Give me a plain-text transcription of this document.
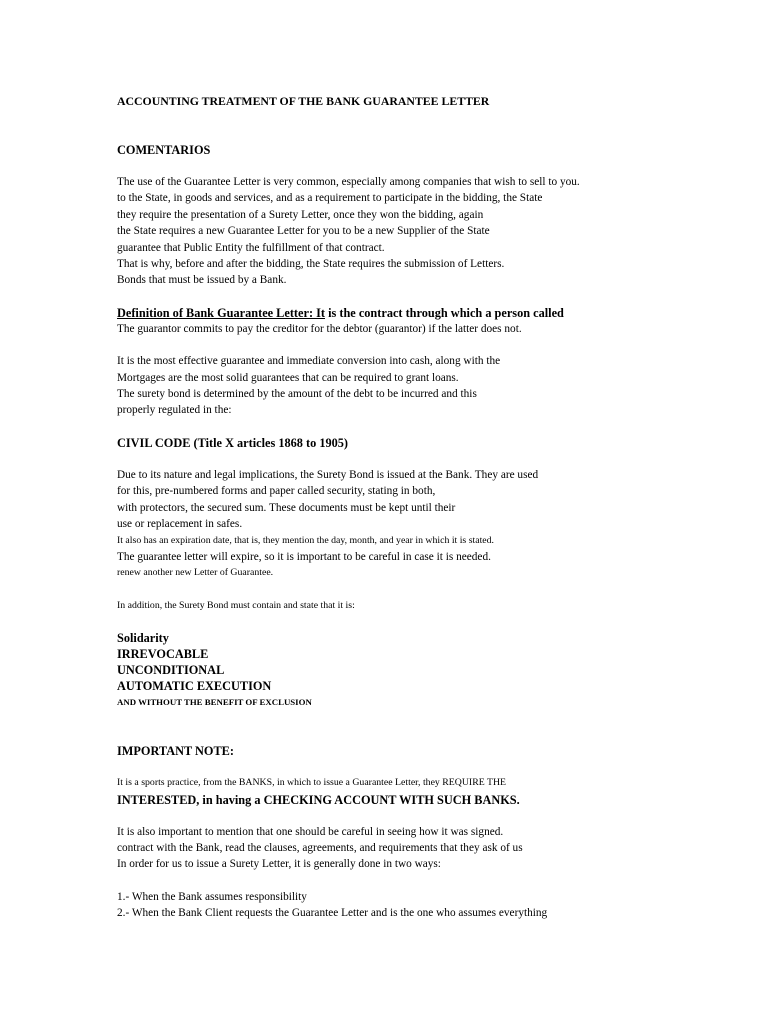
ACCOUNTING TREATMENT OF THE BANK GUARANTEE LETTER
COMENTARIOS
The use of the Guarantee Letter is very common, especially among companies that wish to sell to you.
to the State, in goods and services, and as a requirement to participate in the bidding, the State
they require the presentation of a Surety Letter, once they won the bidding, again
the State requires a new Guarantee Letter for you to be a new Supplier of the State
guarantee that Public Entity the fulfillment of that contract.
That is why, before and after the bidding, the State requires the submission of Letters.
Bonds that must be issued by a Bank.
Definition of Bank Guarantee Letter: It is the contract through which a person called
The guarantor commits to pay the creditor for the debtor (guarantor) if the latter does not.
It is the most effective guarantee and immediate conversion into cash, along with the
Mortgages are the most solid guarantees that can be required to grant loans.
The surety bond is determined by the amount of the debt to be incurred and this
properly regulated in the:
CIVIL CODE (Title X articles 1868 to 1905)
Due to its nature and legal implications, the Surety Bond is issued at the Bank. They are used
for this, pre-numbered forms and paper called security, stating in both,
with protectors, the secured sum. These documents must be kept until their
use or replacement in safes.
It also has an expiration date, that is, they mention the day, month, and year in which it is stated.
The guarantee letter will expire, so it is important to be careful in case it is needed.
renew another new Letter of Guarantee.
In addition, the Surety Bond must contain and state that it is:
Solidarity
IRREVOCABLE
UNCONDITIONAL
AUTOMATIC EXECUTION
AND WITHOUT THE BENEFIT OF EXCLUSION
IMPORTANT NOTE:
It is a sports practice, from the BANKS, in which to issue a Guarantee Letter, they REQUIRE THE
INTERESTED, in having a CHECKING ACCOUNT WITH SUCH BANKS.
It is also important to mention that one should be careful in seeing how it was signed.
contract with the Bank, read the clauses, agreements, and requirements that they ask of us
In order for us to issue a Surety Letter, it is generally done in two ways:
1.- When the Bank assumes responsibility
2.- When the Bank Client requests the Guarantee Letter and is the one who assumes everything
